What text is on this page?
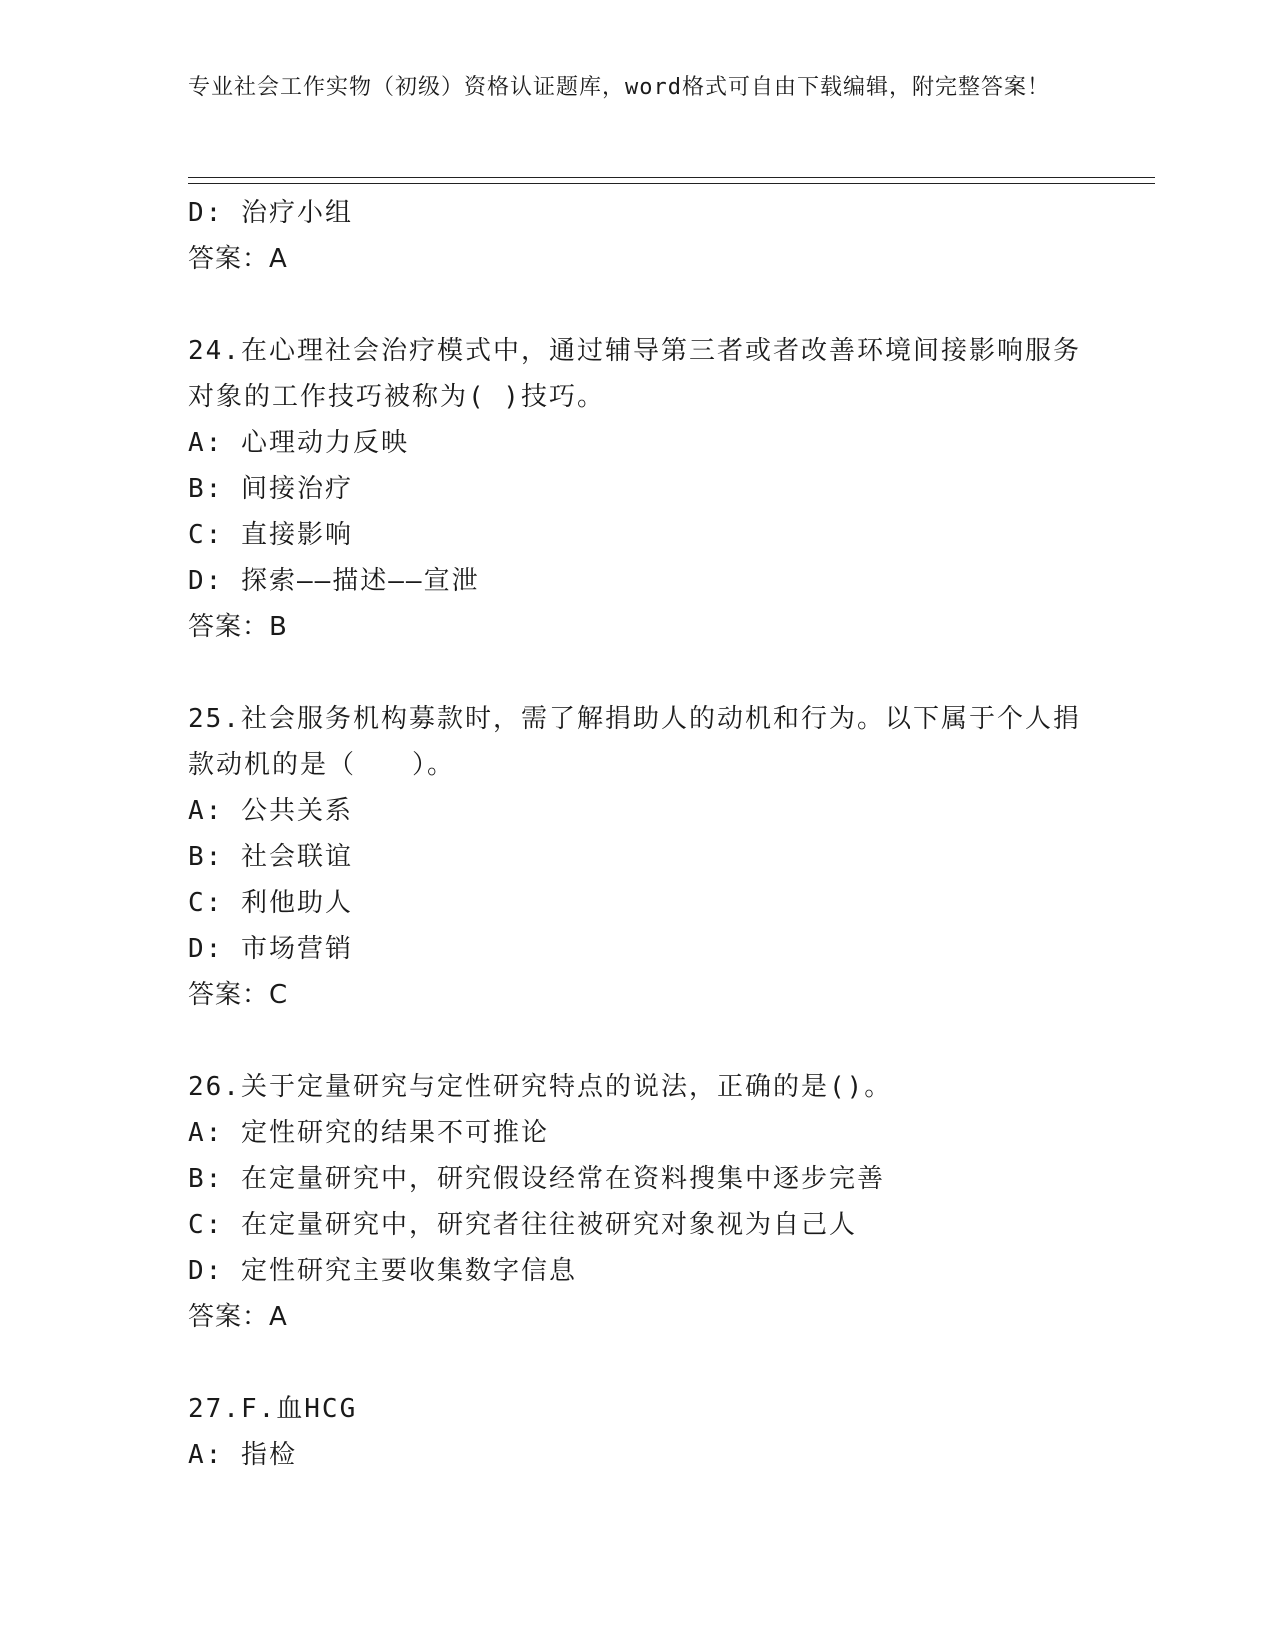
专业社会工作实物（初级）资格认证题库，word格式可自由下载编辑，附完整答案！
D: 治疗小组
答案：A
24.在心理社会治疗模式中，通过辅导第三者或者改善环境间接影响服务对象的工作技巧被称为( )技巧。
A: 心理动力反映
B: 间接治疗
C: 直接影响
D: 探索——描述——宣泄
答案：B
25.社会服务机构募款时，需了解捐助人的动机和行为。以下属于个人捐款动机的是（　　）。
A: 公共关系
B: 社会联谊
C: 利他助人
D: 市场营销
答案：C
26.关于定量研究与定性研究特点的说法，正确的是()。
A: 定性研究的结果不可推论
B: 在定量研究中，研究假设经常在资料搜集中逐步完善
C: 在定量研究中，研究者往往被研究对象视为自己人
D: 定性研究主要收集数字信息
答案：A
27.F.血HCG
A: 指检
